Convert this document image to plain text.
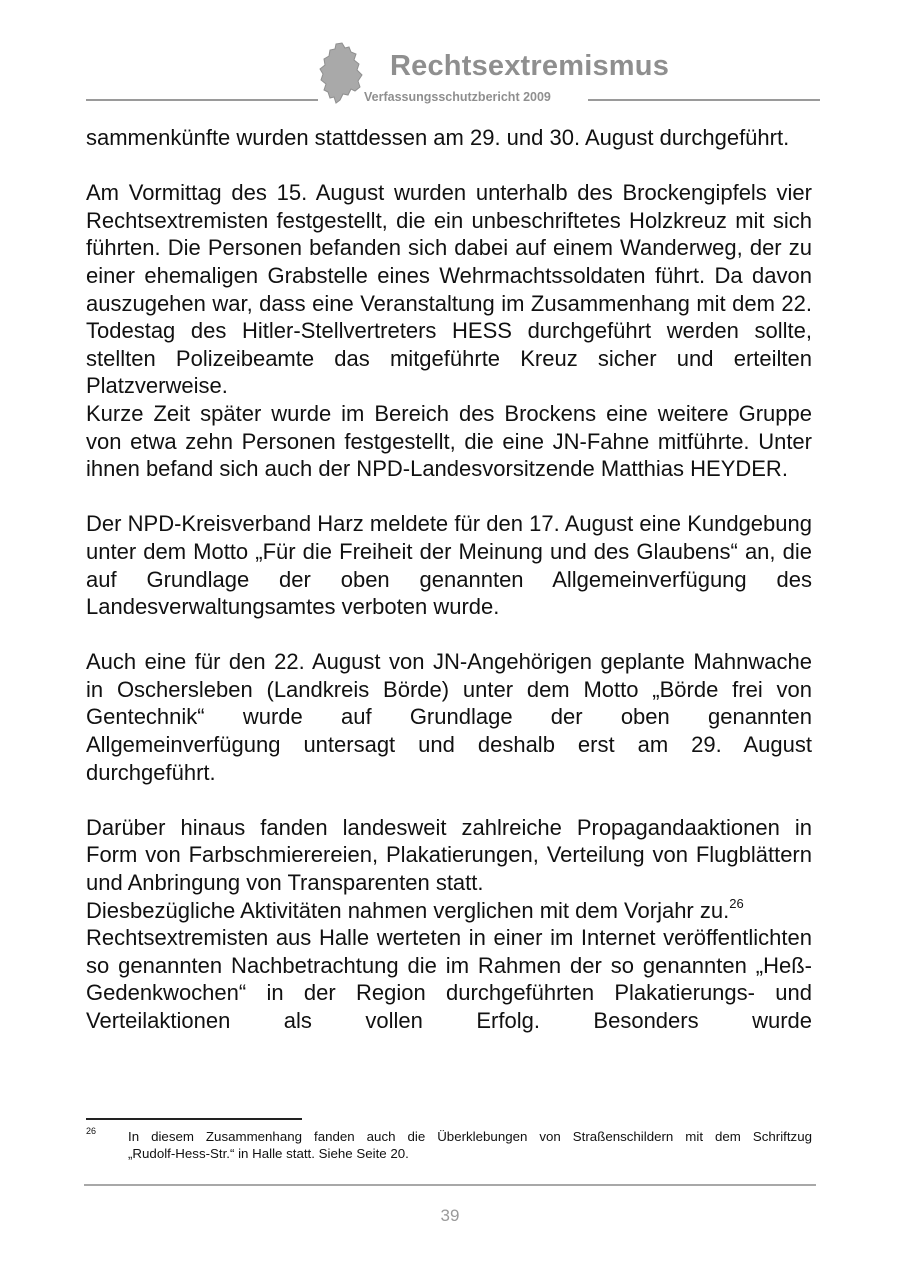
Rechtsextremismus
Verfassungsschutzbericht 2009

sammenkünfte wurden stattdessen am 29. und 30. August durchgeführt.

Am Vormittag des 15. August wurden unterhalb des Brockengipfels vier Rechtsextremisten festgestellt, die ein unbeschriftetes Holzkreuz mit sich führten. Die Personen befanden sich dabei auf einem Wanderweg, der zu einer ehemaligen Grabstelle eines Wehrmachtssoldaten führt. Da davon auszugehen war, dass eine Veranstaltung im Zusammenhang mit dem 22. Todestag des Hitler-Stellvertreters HESS durchgeführt werden sollte, stellten Polizeibeamte das mitgeführte Kreuz sicher und erteilten Platzverweise.

Kurze Zeit später wurde im Bereich des Brockens eine weitere Gruppe von etwa zehn Personen festgestellt, die eine JN-Fahne mitführte. Unter ihnen befand sich auch der NPD-Landesvorsitzende Matthias HEYDER.

Der NPD-Kreisverband Harz meldete für den 17. August eine Kundgebung unter dem Motto „Für die Freiheit der Meinung und des Glaubens“ an, die auf Grundlage der oben genannten Allgemeinverfügung des Landesverwaltungsamtes verboten wurde.

Auch eine für den 22. August von JN-Angehörigen geplante Mahnwache in Oschersleben (Landkreis Börde) unter dem Motto „Börde frei von Gentechnik“ wurde auf Grundlage der oben genannten Allgemeinverfügung untersagt und deshalb erst am 29. August durchgeführt.

Darüber hinaus fanden landesweit zahlreiche Propagandaaktionen in Form von Farbschmierereien, Plakatierungen, Verteilung von Flugblättern und Anbringung von Transparenten statt.

Diesbezügliche Aktivitäten nahmen verglichen mit dem Vorjahr zu.$^{26}$

Rechtsextremisten aus Halle werteten in einer im Internet veröffentlichten so genannten Nachbetrachtung die im Rahmen der so genannten „Heß-Gedenkwochen“ in der Region durchgeführten Plakatierungs- und Verteilaktionen als vollen Erfolg. Besonders wurde

26 In diesem Zusammenhang fanden auch die Überklebungen von Straßenschildern mit dem Schriftzug
„Rudolf-Hess-Str.“ in Halle statt. Siehe Seite 20.
39
